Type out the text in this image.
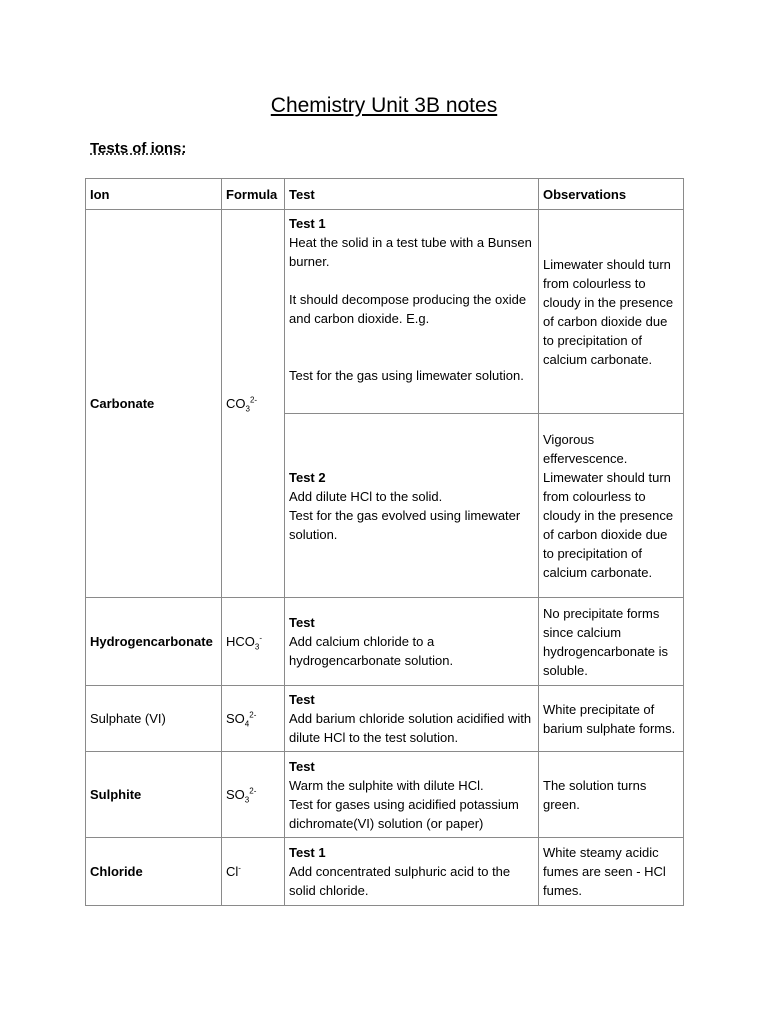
Chemistry Unit 3B notes
Tests of ions:
Ion	Formula	Test	Observations
Carbonate	$CO_3^{2-}$	Test 1
Heat the solid in a test tube with a Bunsen burner.
It should decompose producing the oxide and carbon dioxide. E.g.
Test for the gas using limewater solution.	Limewater should turn from colourless to cloudy in the presence of carbon dioxide due to precipitation of calcium carbonate.

		Test 2
Add dilute HCl to the solid.
Test for the gas evolved using limewater solution.	Vigorous effervescence. Limewater should turn from colourless to cloudy in the presence of carbon dioxide due to precipitation of calcium carbonate.
Hydrogencarbonate	$HCO_3^-$	Test
Add calcium chloride to a hydrogencarbonate solution.	No precipitate forms since calcium hydrogencarbonate is soluble.
Sulphate (VI)	$SO_4^{2-}$	Test
Add barium chloride solution acidified with dilute HCl to the test solution.	White precipitate of barium sulphate forms.
Sulphite	$SO_3^{2-}$	Test
Warm the sulphite with dilute HCl.
Test for gases using acidified potassium dichromate(VI) solution (or paper)	The solution turns green.
Chloride	Cl-	Test 1
Add concentrated sulphuric acid to the solid chloride.	White steamy acidic fumes are seen - HCl fumes.
